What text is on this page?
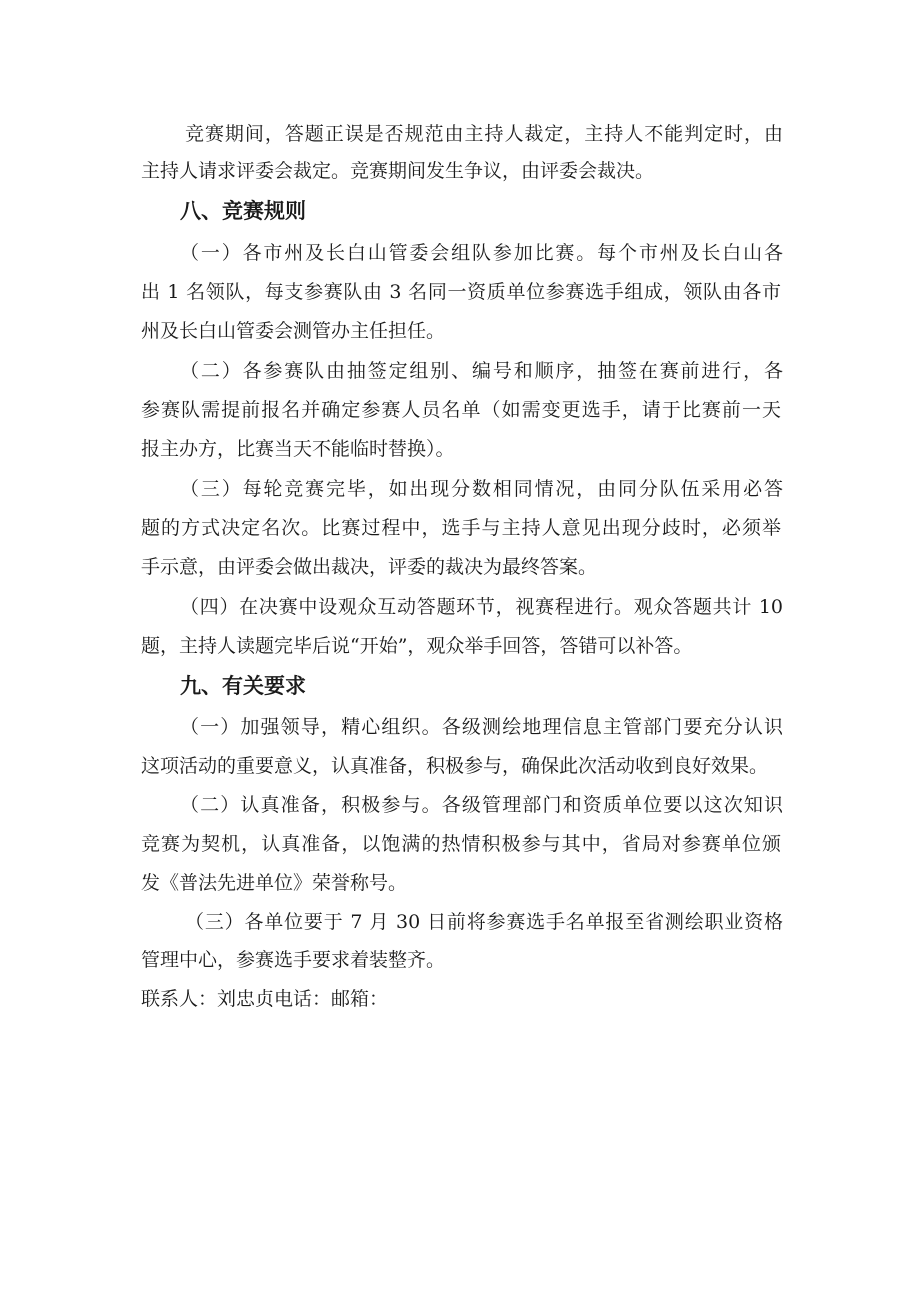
竞赛期间，答题正误是否规范由主持人裁定，主持人不能判定时，由
主持人请求评委会裁定。竞赛期间发生争议，由评委会裁决。
八、竞赛规则
（一）各市州及长白山管委会组队参加比赛。每个市州及长白山各
出 1 名领队，每支参赛队由 3 名同一资质单位参赛选手组成，领队由各市
州及长白山管委会测管办主任担任。
（二）各参赛队由抽签定组别、编号和顺序，抽签在赛前进行，各
参赛队需提前报名并确定参赛人员名单（如需变更选手，请于比赛前一天
报主办方，比赛当天不能临时替换）。
（三）每轮竞赛完毕，如出现分数相同情况，由同分队伍采用必答
题的方式决定名次。比赛过程中，选手与主持人意见出现分歧时，必须举
手示意，由评委会做出裁决，评委的裁决为最终答案。
（四）在决赛中设观众互动答题环节，视赛程进行。观众答题共计 10
题，主持人读题完毕后说“开始”，观众举手回答，答错可以补答。
九、有关要求
（一）加强领导，精心组织。各级测绘地理信息主管部门要充分认识
这项活动的重要意义，认真准备，积极参与，确保此次活动收到良好效果。
（二）认真准备，积极参与。各级管理部门和资质单位要以这次知识
竞赛为契机，认真准备，以饱满的热情积极参与其中，省局对参赛单位颁
发《普法先进单位》荣誉称号。
（三）各单位要于 7 月 30 日前将参赛选手名单报至省测绘职业资格
管理中心，参赛选手要求着装整齐。
联系人：刘忠贞电话：邮箱：
